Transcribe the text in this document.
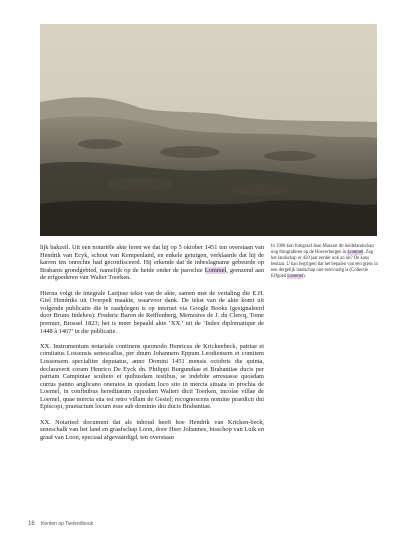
lijk bakzeil. Uit een notariële akte leren we dat hij op 5 oktober 1451 ten overstaan van Hendrik van Ecyk, schout van Kempenland, en enkele getuigen, verklaarde dat hij de karren ten onrechte had geconfisceerd. Hij erkende dat de inbeslagname gebeurde op Brabants grondgebied, namelijk op de heide onder de parochie Lommel, grenzend aan de erfgoederen van Walter Toorken.

Hierna volgt de integrale Latijnse tekst van de akte, samen met de vertaling die E.H. Giel Hendriks uit Overpelt maakte, waarvoor dank. De tekst van de akte komt uit volgende publicatie die te raadplegen is op internet via Google Books (gesignaleerd door Bruno Indekeu): Frederic Baron de Reiffenberg, Memoires de J. du Clercq, Tome premier, Brussel 1823; het is meer bepaald akte ‘XX.’ uit de ‘Index diplomatique de 1448 à 1467’ in die publicatie.

XX. Instrumentum notariale continens quomodo Henricus de Krickenbeck, patriae et comitatus Lossensis senescallus, per dnum Johannem Eppum Leodiensem et comitem Lossensem specialiter deputatus, anno Domini 1451 mensis octobris die quinta, declaraverit coram Henrico De Eyck dn. Philippi Burgundiae et Brabantiae ducis per patriam Campiniae sculteto et quibusdam testibus, se indebite arrestasse quosdam currus panno anglicano oneratos in quodam loco sito in mercta situata in prochia de Loemel, in confinibus hereditatum cujusdam Walteri dicti Toerken, incolae villae de Loemel, quae mercta sita est retro villam de Gestel; recognoscens nomine praedicti dni Episcopi, praetactum locum esse sub dominio dni ducis Brabantiae.

XX. Notarieel document dat als inhoud heeft hoe Hendrik van Kricken-beck, seneschalk van het land en graafschap Loon, door Heer Johannes, bisschop van Luik en graaf van Loon, speciaal afgevaardigd, ten overstaan

In 1908 kon fotograaf Jean Massart dit heidelandschap nog fotograferen op de Hoeverbergen in Lommel. Zag het landschap er 450 jaar eerder ook zo uit? De kans bestaat. U kan begrijpen dat het bepalen van een grens in een dergelijk landschap niet eenvoudig is (Collectie Erfgoed Lommel).
16 Kenten op Tselerolbook
